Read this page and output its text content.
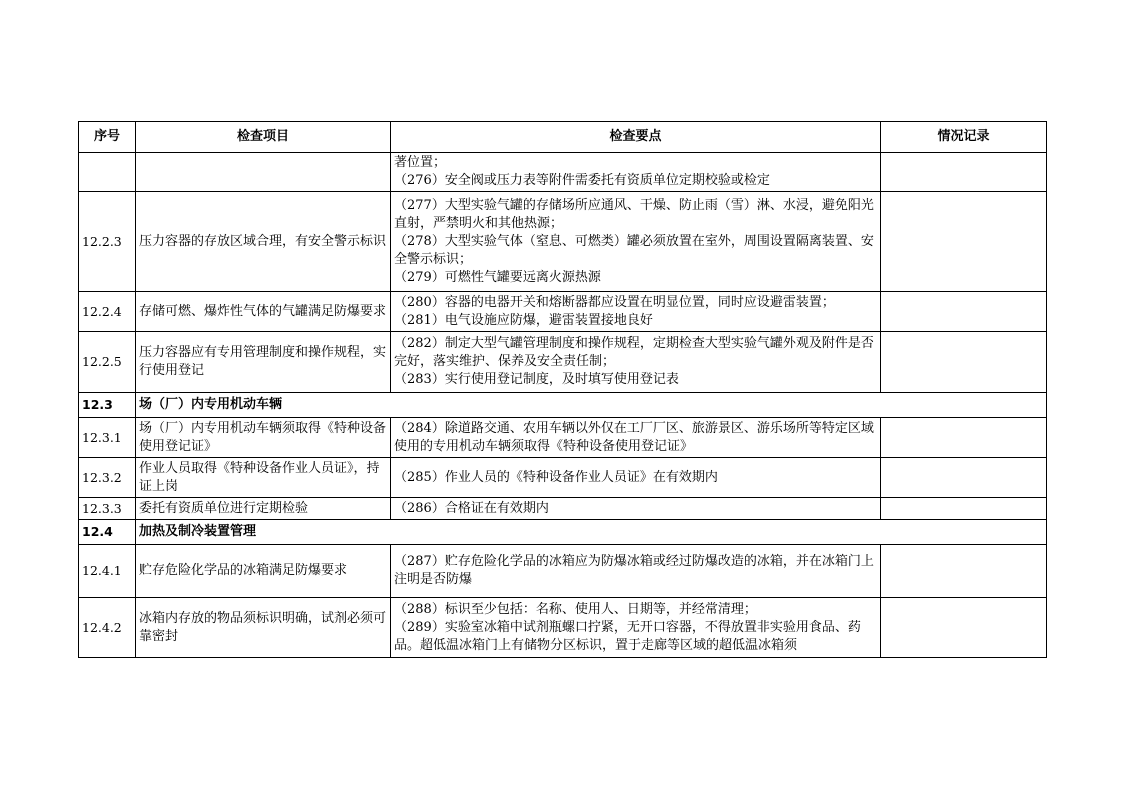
序号	检查项目	检查要点	情况记录

		著位置；
（276）安全阀或压力表等附件需委托有资质单位定期校验或检定	

12.2.3	压力容器的存放区域合理，有安全警示标识	（277）大型实验气罐的存储场所应通风、干燥、防止雨（雪）淋、水浸，避免阳光直射，严禁明火和其他热源；
（278）大型实验气体（窒息、可燃类）罐必须放置在室外，周围设置隔离装置、安全警示标识；
（279）可燃性气罐要远离火源热源	

12.2.4	存储可燃、爆炸性气体的气罐满足防爆要求	（280）容器的电器开关和熔断器都应设置在明显位置，同时应设避雷装置；
（281）电气设施应防爆，避雷装置接地良好	

12.2.5	压力容器应有专用管理制度和操作规程，实行使用登记	（282）制定大型气罐管理制度和操作规程，定期检查大型实验气罐外观及附件是否完好，落实维护、保养及安全责任制；
（283）实行使用登记制度，及时填写使用登记表	

12.3	场（厂）内专用机动车辆		
12.3.1	场（厂）内专用机动车辆须取得《特种设备使用登记证》	（284）除道路交通、农用车辆以外仅在工厂厂区、旅游景区、游乐场所等特定区域使用的专用机动车辆须取得《特种设备使用登记证》	

12.3.2	作业人员取得《特种设备作业人员证》，持证上岗	（285）作业人员的《特种设备作业人员证》在有效期内	

12.3.3	委托有资质单位进行定期检验	（286）合格证在有效期内	

12.4	加热及制冷装置管理		
12.4.1	贮存危险化学品的冰箱满足防爆要求	（287）贮存危险化学品的冰箱应为防爆冰箱或经过防爆改造的冰箱，并在冰箱门上注明是否防爆	

12.4.2	冰箱内存放的物品须标识明确，试剂必须可靠密封	（288）标识至少包括：名称、使用人、日期等，并经常清理；
（289）实验室冰箱中试剂瓶螺口拧紧，无开口容器，不得放置非实验用食品、药品。超低温冰箱门上有储物分区标识，置于走廊等区域的超低温冰箱须	
